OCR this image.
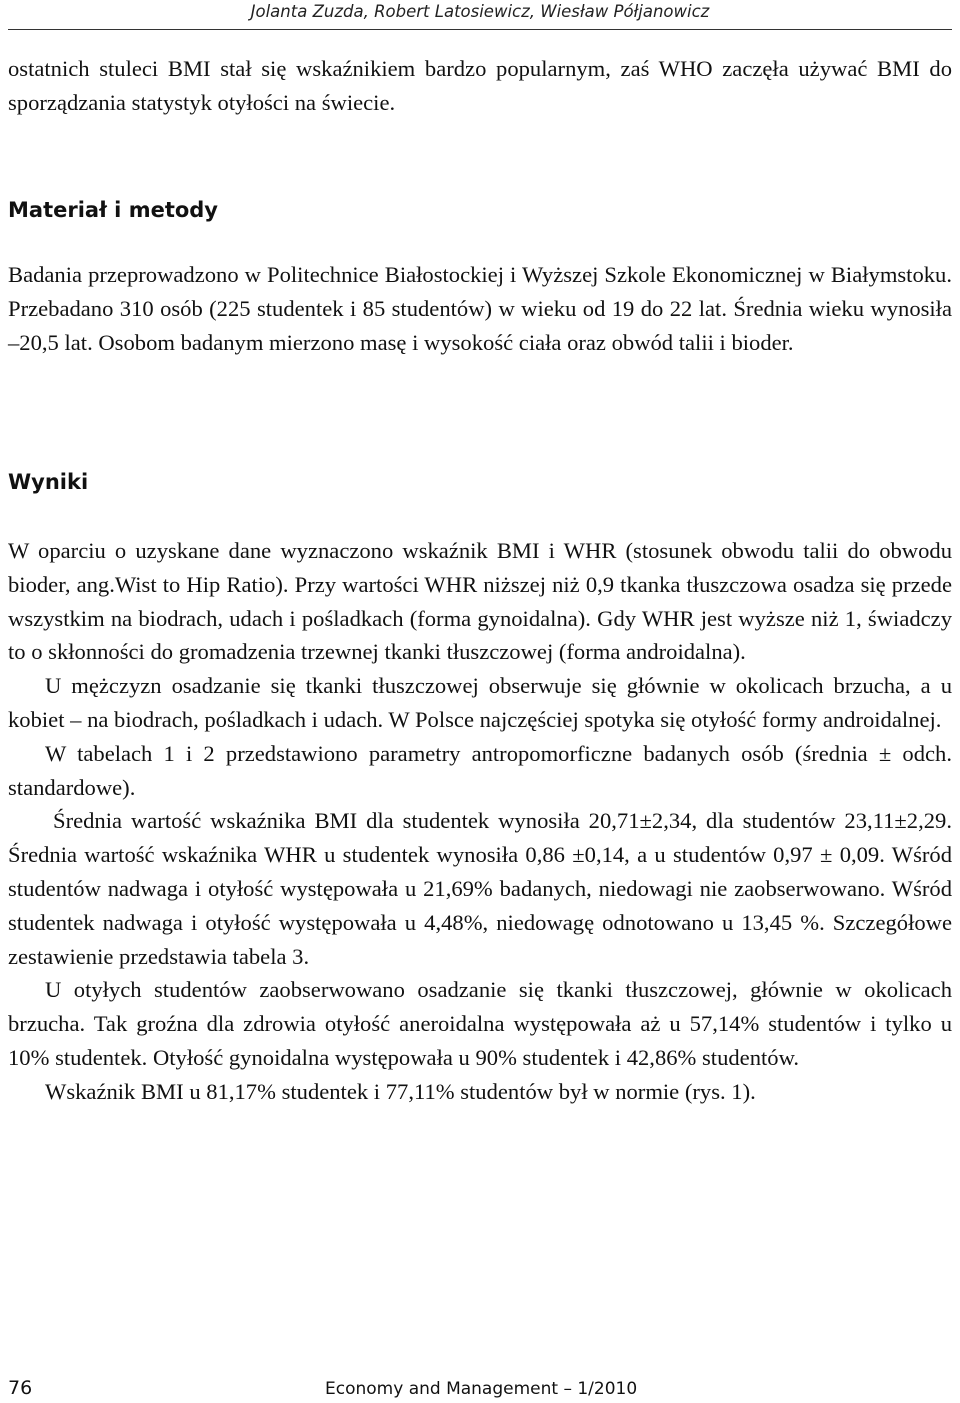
Jolanta Zuzda, Robert Latosiewicz, Wiesław Półjanowicz

ostatnich stuleci BMI stał się wskaźnikiem bardzo popularnym, zaś WHO zaczęła używać BMI do sporządzania statystyk otyłości na świecie.

Materiał i metody

Badania przeprowadzono w Politechnice Białostockiej i Wyższej Szkole Ekonomicznej w Białymstoku. Przebadano 310 osób (225 studentek i 85 studentów) w wieku od 19 do 22 lat. Średnia wieku wynosiła –20,5 lat. Osobom badanym mierzono masę i wysokość ciała oraz obwód talii i bioder.

Wyniki

W oparciu o uzyskane dane wyznaczono wskaźnik BMI i WHR (stosunek obwodu talii do obwodu bioder, ang.Wist to Hip Ratio). Przy wartości WHR niższej niż 0,9 tkanka tłuszczowa osadza się przede wszystkim na biodrach, udach i pośladkach (forma gynoidalna). Gdy WHR jest wyższe niż 1, świadczy to o skłonności do gromadzenia trzewnej tkanki tłuszczowej (forma androidalna).

U mężczyzn osadzanie się tkanki tłuszczowej obserwuje się głównie w okolicach brzucha, a u kobiet – na biodrach, pośladkach i udach. W Polsce najczęściej spotyka się otyłość formy androidalnej.

W tabelach 1 i 2 przedstawiono parametry antropomorficzne badanych osób (średnia ± odch. standardowe).

Średnia wartość wskaźnika BMI dla studentek wynosiła 20,71±2,34, dla studentów 23,11±2,29. Średnia wartość wskaźnika WHR u studentek wynosiła 0,86 ±0,14, a u studentów 0,97 ± 0,09. Wśród studentów nadwaga i otyłość występowała u 21,69% badanych, niedowagi nie zaobserwowano. Wśród studentek nadwaga i otyłość występowała u 4,48%, niedowagę odnotowano u 13,45 %. Szczegółowe zestawienie przedstawia tabela 3.

U otyłych studentów zaobserwowano osadzanie się tkanki tłuszczowej, głównie w okolicach brzucha. Tak groźna dla zdrowia otyłość aneroidalna występowała aż u 57,14% studentów i tylko u 10% studentek. Otyłość gynoidalna występowała u 90% studentek i 42,86% studentów.

Wskaźnik BMI u 81,17% studentek i 77,11% studentów był w normie (rys. 1).

76	Economy and Management – 1/2010
